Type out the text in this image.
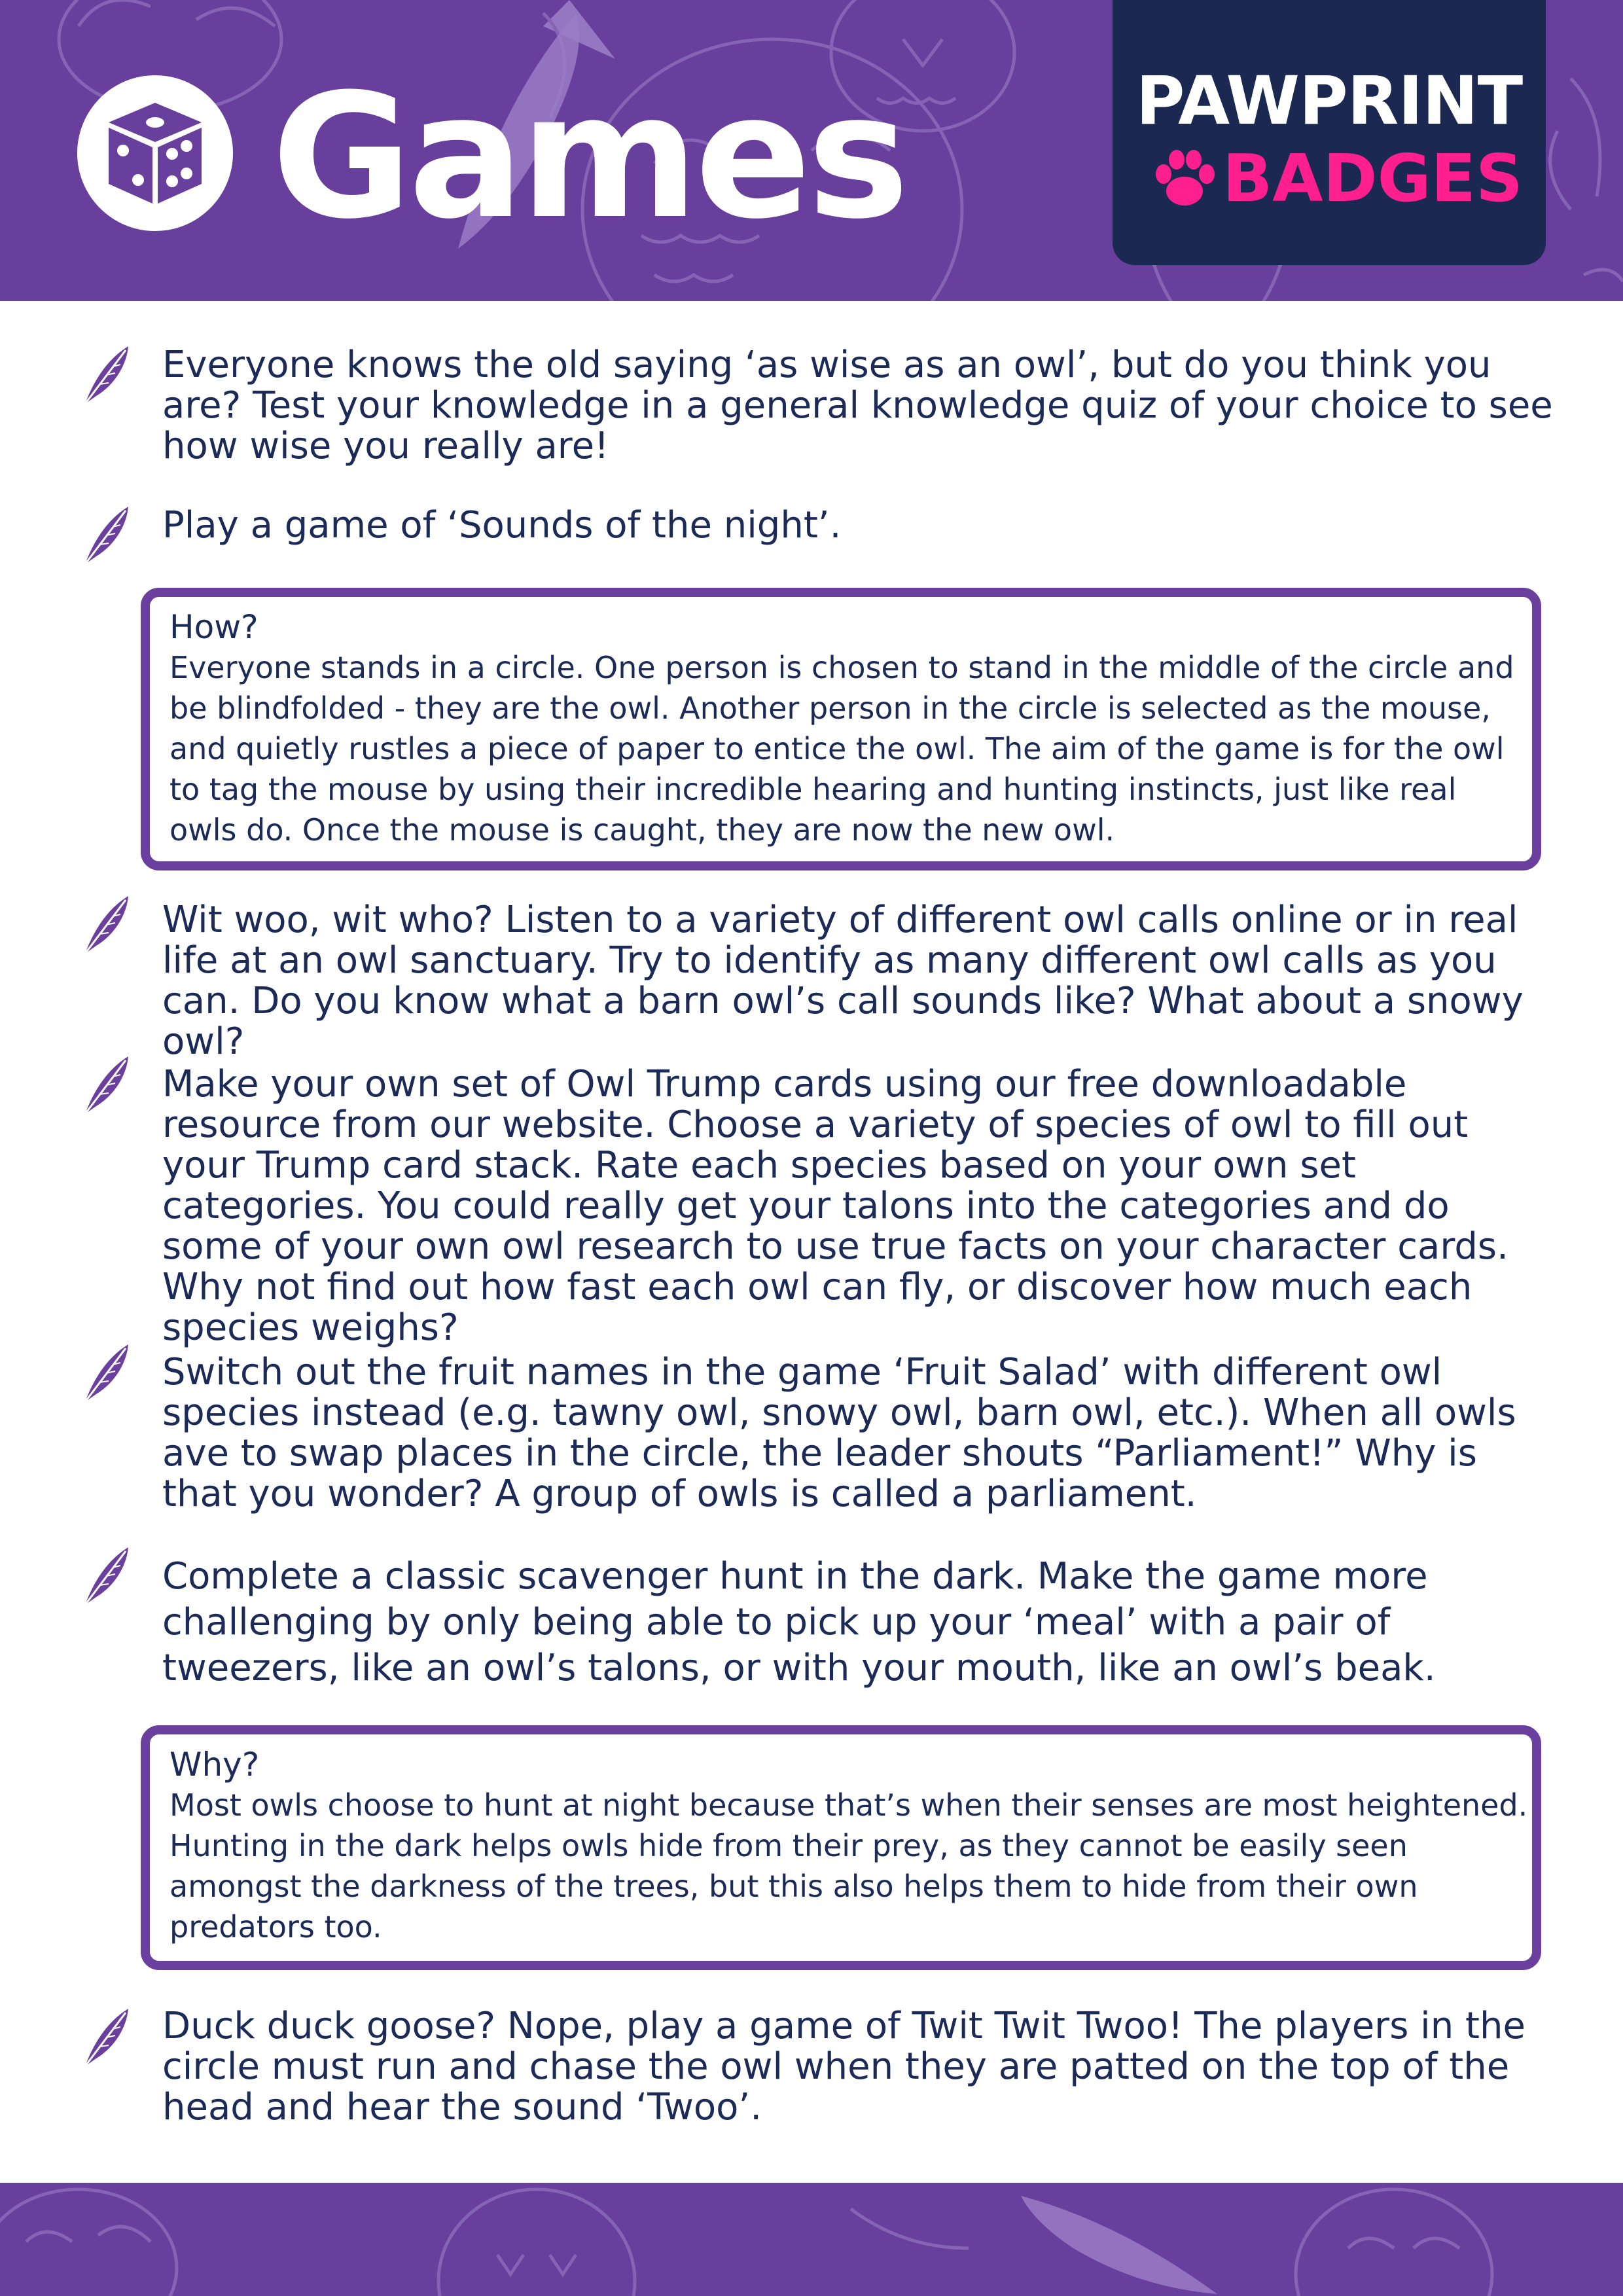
Games	PAWPRINT
BADGES

Everyone knows the old saying ‘as wise as an owl’, but do you think you are? Test your knowledge in a general knowledge quiz of your choice to see how wise you really are!

Play a game of ‘Sounds of the night’.

How?

Everyone stands in a circle. One person is chosen to stand in the middle of the circle and be blindfolded - they are the owl. Another person in the circle is selected as the mouse, and quietly rustles a piece of paper to entice the owl. The aim of the game is for the owl to tag the mouse by using their incredible hearing and hunting instincts, just like real owls do. Once the mouse is caught, they are now the new owl.

Wit woo, wit who? Listen to a variety of different owl calls online or in real life at an owl sanctuary. Try to identify as many different owl calls as you can. Do you know what a barn owl’s call sounds like? What about a snowy owl?

Make your own set of Owl Trump cards using our free downloadable resource from our website. Choose a variety of species of owl to fill out your Trump card stack. Rate each species based on your own set categories. You could really get your talons into the categories and do some of your own owl research to use true facts on your character cards. Why not find out how fast each owl can fly, or discover how much each species weighs?

Switch out the fruit names in the game ‘Fruit Salad’ with different owl species instead (e.g. tawny owl, snowy owl, barn owl, etc.). When all owls ave to swap places in the circle, the leader shouts “Parliament!” Why is that you wonder? A group of owls is called a parliament.

Complete a classic scavenger hunt in the dark. Make the game more challenging by only being able to pick up your ‘meal’ with a pair of tweezers, like an owl’s talons, or with your mouth, like an owl’s beak.

Why?

Most owls choose to hunt at night because that’s when their senses are most heightened. Hunting in the dark helps owls hide from their prey, as they cannot be easily seen amongst the darkness of the trees, but this also helps them to hide from their own predators too.

Duck duck goose? Nope, play a game of Twit Twit Twoo! The players in the circle must run and chase the owl when they are patted on the top of the head and hear the sound ‘Twoo’.
